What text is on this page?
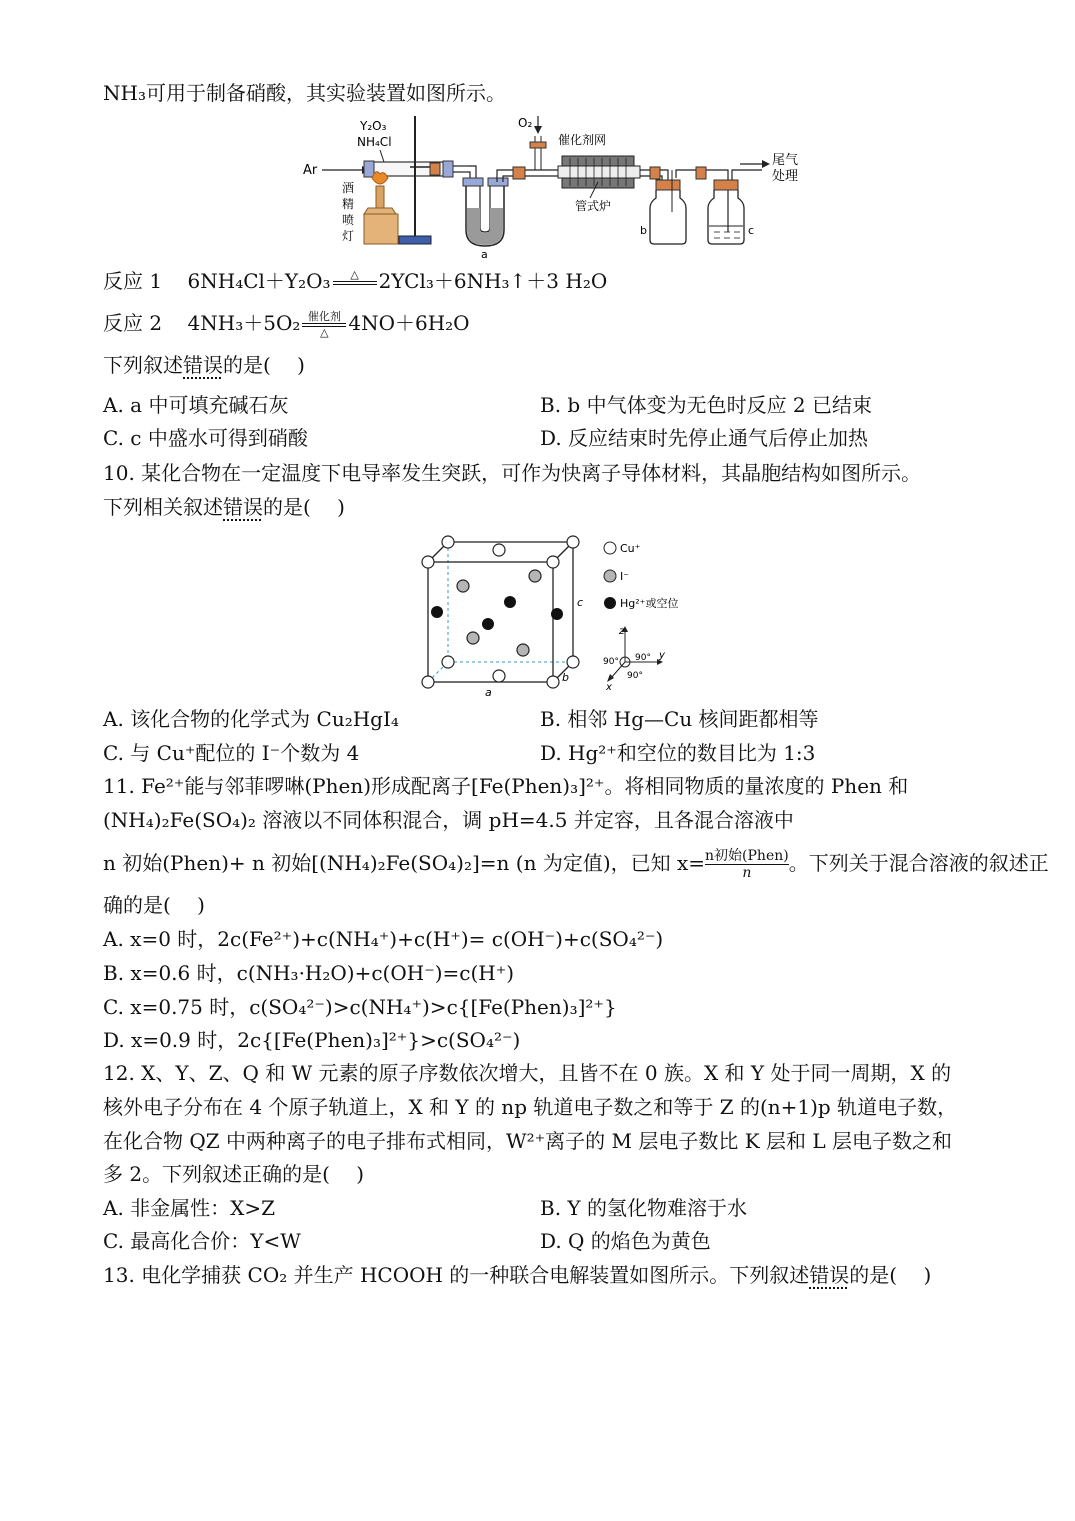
NH₃可用于制备硝酸，其实验装置如图所示。
Ar
Y₂O₃
NH₄Cl
酒
精
喷
灯
a
O₂
催化剂网
管式炉
b	c
尾气
处理
反应 1 6NH₄Cl＋Y₂O₃	△
2YCl₃＋6NH₃↑＋3 H₂O
反应 2 4NH₃＋5O₂ 催化剂
△ 4NO＋6H₂O
下列叙述错误的是(　 )
A. a 中可填充碱石灰	B. b 中气体变为无色时反应 2 已结束
C. c 中盛水可得到硝酸	D. 反应结束时先停止通气后停止加热
10. 某化合物在一定温度下电导率发生突跃，可作为快离子导体材料，其晶胞结构如图所示。
下列相关叙述错误的是(　 )
a
b
c
Cu⁺
I⁻
Hg²⁺或空位
z
y
x
90° 90°
90°
A. 该化合物的化学式为 Cu₂HgI₄	B. 相邻 Hg—Cu 核间距都相等
C. 与 Cu⁺配位的 I⁻个数为 4	D. Hg²⁺和空位的数目比为 1:3
11. Fe²⁺能与邻菲啰啉(Phen)形成配离子[Fe(Phen)₃]²⁺。将相同物质的量浓度的 Phen 和
(NH₄)₂Fe(SO₄)₂ 溶液以不同体积混合，调 pH=4.5 并定容，且各混合溶液中
n 初始(Phen)+ n 初始[(NH₄)₂Fe(SO₄)₂]=n (n 为定值)，已知 $x= \frac{\text{n初始(Phen)}}{n}$ 。下列关于混合溶液的叙述正
确的是(　 )
A. x=0 时，2c(Fe²⁺)+c(NH₄⁺)+c(H⁺)= c(OH⁻)+c(SO₄²⁻)
B. x=0.6 时，c(NH₃·H₂O)+c(OH⁻)=c(H⁺)
C. x=0.75 时，c(SO₄²⁻)>c(NH₄⁺)>c{[Fe(Phen)₃]²⁺}
D. x=0.9 时，2c{[Fe(Phen)₃]²⁺}>c(SO₄²⁻)
12. X、Y、Z、Q 和 W 元素的原子序数依次增大，且皆不在 0 族。X 和 Y 处于同一周期，X 的
核外电子分布在 4 个原子轨道上，X 和 Y 的 np 轨道电子数之和等于 Z 的(n+1)p 轨道电子数，
在化合物 QZ 中两种离子的电子排布式相同，W²⁺离子的 M 层电子数比 K 层和 L 层电子数之和
多 2。下列叙述正确的是(　 )
A. 非金属性：X>Z	B. Y 的氢化物难溶于水
C. 最高化合价：Y<W	D. Q 的焰色为黄色
13. 电化学捕获 CO₂ 并生产 HCOOH 的一种联合电解装置如图所示。下列叙述错误的是(　 )
